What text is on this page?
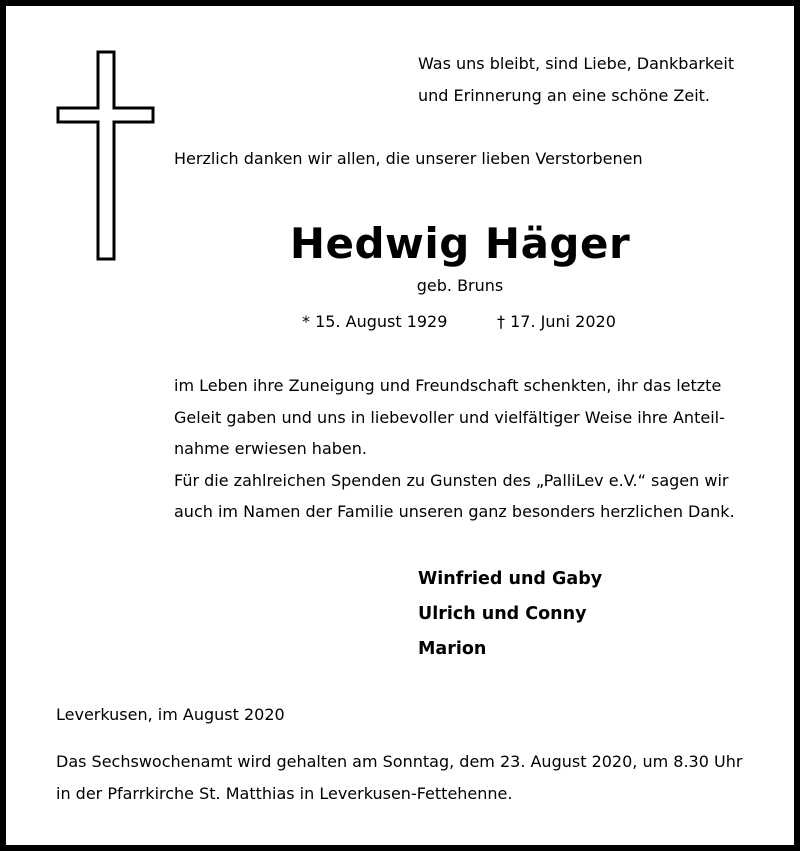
Was uns bleibt, sind Liebe, Dankbarkeit
und Erinnerung an eine schöne Zeit.
Herzlich danken wir allen, die unserer lieben Verstorbenen
Hedwig Häger
geb. Bruns
* 15. August 1929	† 17. Juni 2020
im Leben ihre Zuneigung und Freundschaft schenkten, ihr das letzte
Geleit gaben und uns in liebevoller und vielfältiger Weise ihre Anteil-
nahme erwiesen haben.
Für die zahlreichen Spenden zu Gunsten des „PalliLev e.V.“ sagen wir
auch im Namen der Familie unseren ganz besonders herzlichen Dank.
Winfried und Gaby
Ulrich und Conny
Marion
Leverkusen, im August 2020
Das Sechswochenamt wird gehalten am Sonntag, dem 23. August 2020, um 8.30 Uhr
in der Pfarrkirche St. Matthias in Leverkusen-Fettehenne.
